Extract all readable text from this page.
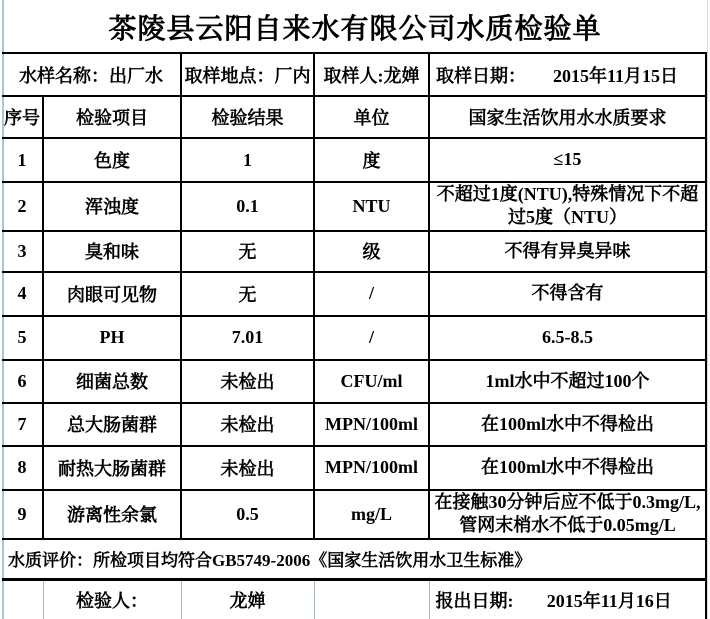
茶陵县云阳自来水有限公司水质检验单
水样名称：出厂水		取样地点：厂内	取样人:龙婵	取样日期： 2015年11月15日

序号	检验项目	检验结果	单位	国家生活饮用水水质要求
1	色度	1	度	≤15
2	浑浊度	0.1	NTU	不超过1度(NTU),特殊情况下不超过5度（NTU）
3	臭和味	无	级	不得有异臭异味
4	肉眼可见物	无	/	不得含有
5	PH	7.01	/	6.5-8.5
6	细菌总数	未检出	CFU/ml	1ml水中不超过100个
7	总大肠菌群	未检出	MPN/100ml	在100ml水中不得检出
8	耐热大肠菌群	未检出	MPN/100ml	在100ml水中不得检出
9	游离性余氯	0.5	mg/L	在接触30分钟后应不低于0.3mg/L,管网末梢水不低于0.05mg/L
水质评价：所检项目均符合GB5749-2006《国家生活饮用水卫生标准》				
	检验人：	龙婵		报出日期: 2015年11月16日
